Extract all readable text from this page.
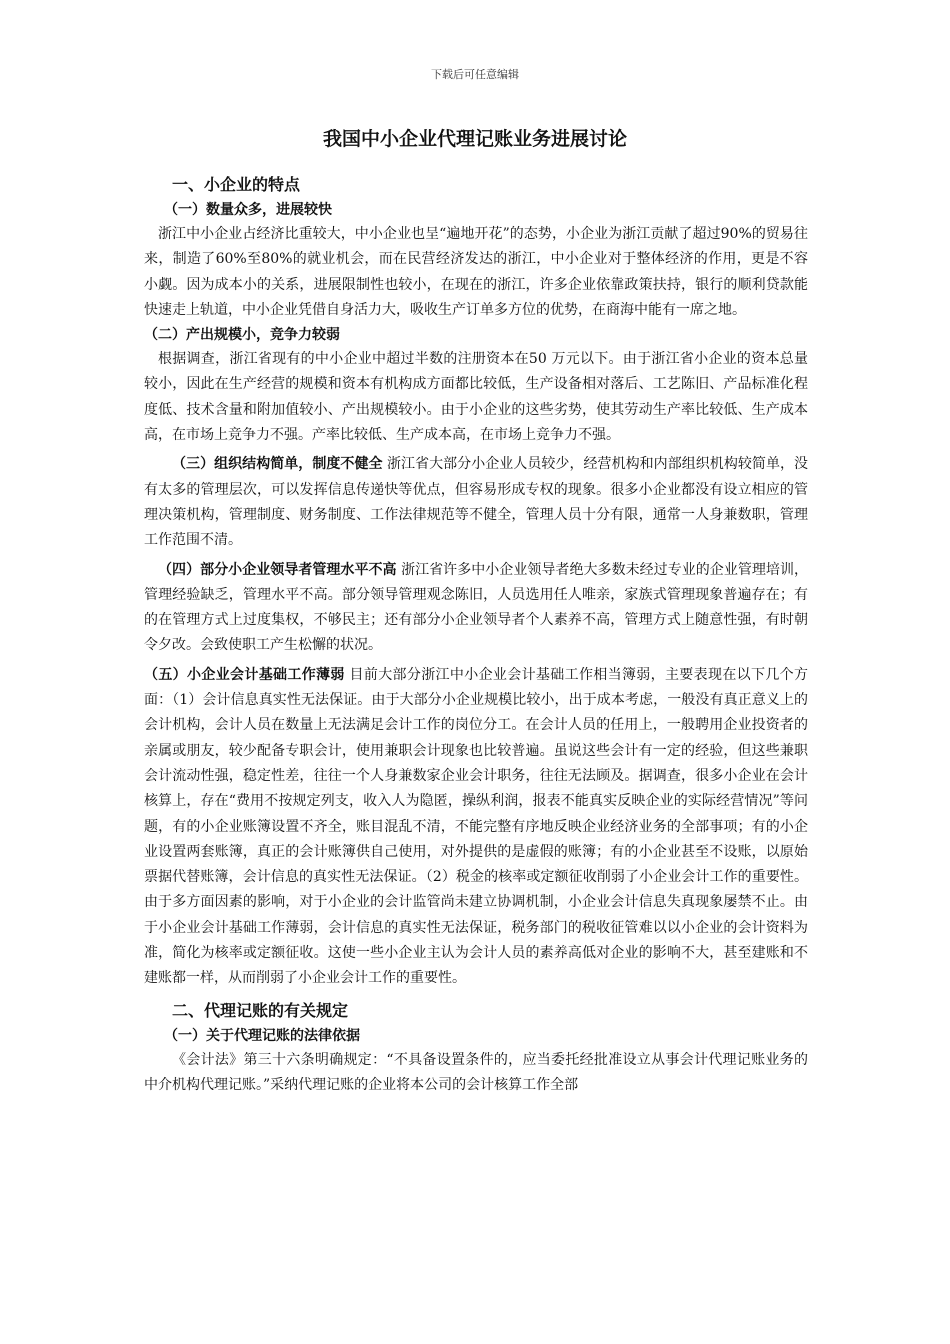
下载后可任意编辑
我国中小企业代理记账业务进展讨论
一、小企业的特点
（一）数量众多，进展较快

浙江中小企业占经济比重较大，中小企业也呈“遍地开花”的态势，小企业为浙江贡献了超过90%的贸易往来，制造了60%至80%的就业机会，而在民营经济发达的浙江，中小企业对于整体经济的作用，更是不容小觑。因为成本小的关系，进展限制性也较小，在现在的浙江，许多企业依靠政策扶持，银行的顺利贷款能快速走上轨道，中小企业凭借自身活力大，吸收生产订单多方位的优势，在商海中能有一席之地。

（二）产出规模小，竞争力较弱

根据调查，浙江省现有的中小企业中超过半数的注册资本在50 万元以下。由于浙江省小企业的资本总量较小，因此在生产经营的规模和资本有机构成方面都比较低，生产设备相对落后、工艺陈旧、产品标准化程度低、技术含量和附加值较小、产出规模较小。由于小企业的这些劣势，使其劳动生产率比较低、生产成本高，在市场上竞争力不强。产率比较低、生产成本高，在市场上竞争力不强。

（三）组织结构简单，制度不健全 浙江省大部分小企业人员较少，经营机构和内部组织机构较简单，没有太多的管理层次，可以发挥信息传递快等优点，但容易形成专权的现象。很多小企业都没有设立相应的管理决策机构，管理制度、财务制度、工作法律规范等不健全，管理人员十分有限，通常一人身兼数职，管理工作范围不清。

（四）部分小企业领导者管理水平不高 浙江省许多中小企业领导者绝大多数未经过专业的企业管理培训，管理经验缺乏，管理水平不高。部分领导管理观念陈旧，人员选用任人唯亲，家族式管理现象普遍存在；有的在管理方式上过度集权，不够民主；还有部分小企业领导者个人素养不高，管理方式上随意性强，有时朝令夕改。会致使职工产生松懈的状况。

（五）小企业会计基础工作薄弱 目前大部分浙江中小企业会计基础工作相当簿弱，主要表现在以下几个方面：（1）会计信息真实性无法保证。由于大部分小企业规模比较小，出于成本考虑，一般没有真正意义上的会计机构，会计人员在数量上无法满足会计工作的岗位分工。在会计人员的任用上，一般聘用企业投资者的亲属或朋友，较少配备专职会计，使用兼职会计现象也比较普遍。虽说这些会计有一定的经验，但这些兼职会计流动性强，稳定性差，往往一个人身兼数家企业会计职务，往往无法顾及。据调查，很多小企业在会计核算上，存在“费用不按规定列支，收入人为隐匿，操纵利润，报表不能真实反映企业的实际经营情况”等问题，有的小企业账簿设置不齐全，账目混乱不清，不能完整有序地反映企业经济业务的全部事项；有的小企业设置两套账簿，真正的会计账簿供自己使用，对外提供的是虚假的账簿；有的小企业甚至不设账，以原始票据代替账簿，会计信息的真实性无法保证。（2）税金的核率或定额征收削弱了小企业会计工作的重要性。由于多方面因素的影响，对于小企业的会计监管尚未建立协调机制，小企业会计信息失真现象屡禁不止。由于小企业会计基础工作薄弱，会计信息的真实性无法保证，税务部门的税收征管难以以小企业的会计资料为准，简化为核率或定额征收。这使一些小企业主认为会计人员的素养高低对企业的影响不大，甚至建账和不建账都一样，从而削弱了小企业会计工作的重要性。

二、代理记账的有关规定
（一）关于代理记账的法律依据

《会计法》第三十六条明确规定：“不具备设置条件的，应当委托经批准设立从事会计代理记账业务的中介机构代理记账。”采纳代理记账的企业将本公司的会计核算工作全部
